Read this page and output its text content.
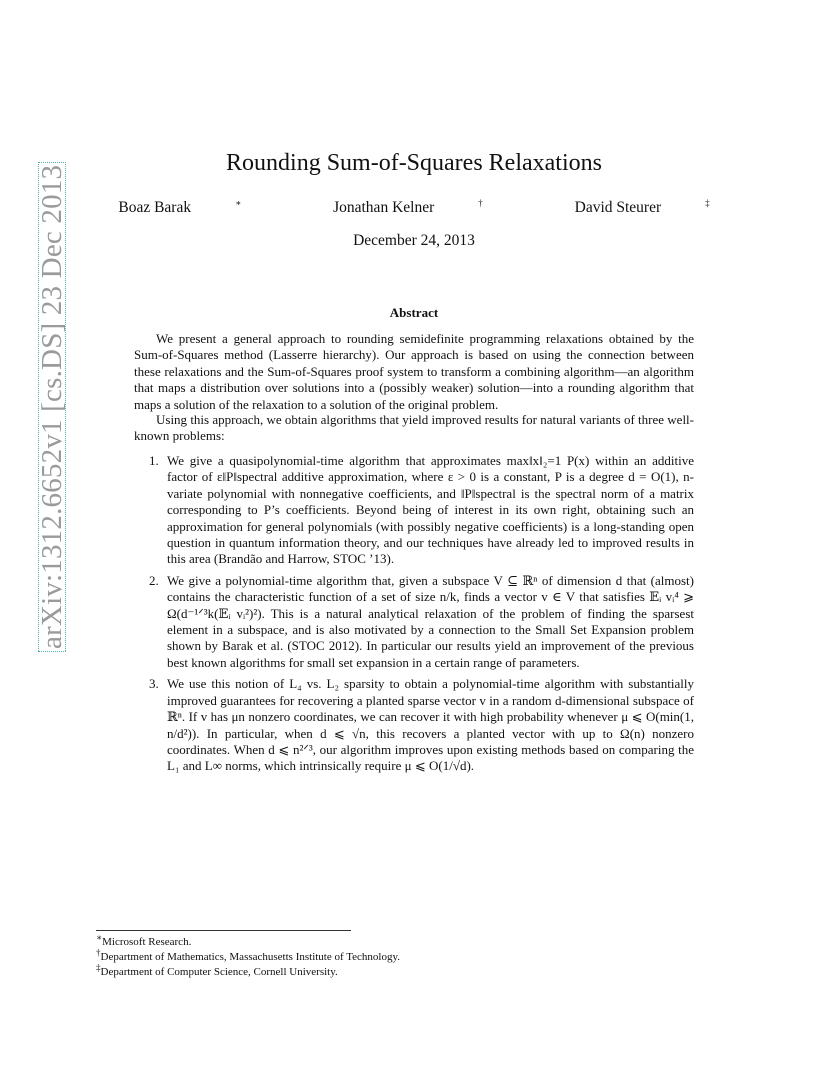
arXiv:1312.6652v1 [cs.DS] 23 Dec 2013
Rounding Sum-of-Squares Relaxations
Boaz Barak	∗	Jonathan Kelner	†	David Steurer	‡
December 24, 2013
Abstract
We present a general approach to rounding semidefinite programming relaxations obtained by the Sum-of-Squares method (Lasserre hierarchy). Our approach is based on using the connection between these relaxations and the Sum-of-Squares proof system to transform a combining algorithm—an algorithm that maps a distribution over solutions into a (possibly weaker) solution—into a rounding algorithm that maps a solution of the relaxation to a solution of the original problem.
Using this approach, we obtain algorithms that yield improved results for natural variants of three well-known problems:
1. We give a quasipolynomial-time algorithm that approximates max‖x‖₂=1 P(x) within an additive factor of ε‖P‖spectral additive approximation, where ε > 0 is a constant, P is a degree d = O(1), n-variate polynomial with nonnegative coefficients, and ‖P‖spectral is the spectral norm of a matrix corresponding to P’s coefficients. Beyond being of interest in its own right, obtaining such an approximation for general polynomials (with possibly negative coefficients) is a long-standing open question in quantum information theory, and our techniques have already led to improved results in this area (Brandão and Harrow, STOC ’13).
2. We give a polynomial-time algorithm that, given a subspace V ⊆ ℝⁿ of dimension d that (almost) contains the characteristic function of a set of size n/k, finds a vector v ∈ V that satisfies 𝔼ᵢ vᵢ⁴ ⩾ Ω(d⁻¹ᐟ³k(𝔼ᵢ vᵢ²)²). This is a natural analytical relaxation of the problem of finding the sparsest element in a subspace, and is also motivated by a connection to the Small Set Expansion problem shown by Barak et al. (STOC 2012). In particular our results yield an improvement of the previous best known algorithms for small set expansion in a certain range of parameters.
3. We use this notion of L₄ vs. L₂ sparsity to obtain a polynomial-time algorithm with substantially improved guarantees for recovering a planted sparse vector v in a random d-dimensional subspace of ℝⁿ. If v has μn nonzero coordinates, we can recover it with high probability whenever μ ⩽ O(min(1, n/d²)). In particular, when d ⩽ √n, this recovers a planted vector with up to Ω(n) nonzero coordinates. When d ⩽ n²ᐟ³, our algorithm improves upon existing methods based on comparing the L₁ and L∞ norms, which intrinsically require μ ⩽ O(1/√d).
∗Microsoft Research.
†Department of Mathematics, Massachusetts Institute of Technology.
‡Department of Computer Science, Cornell University.
